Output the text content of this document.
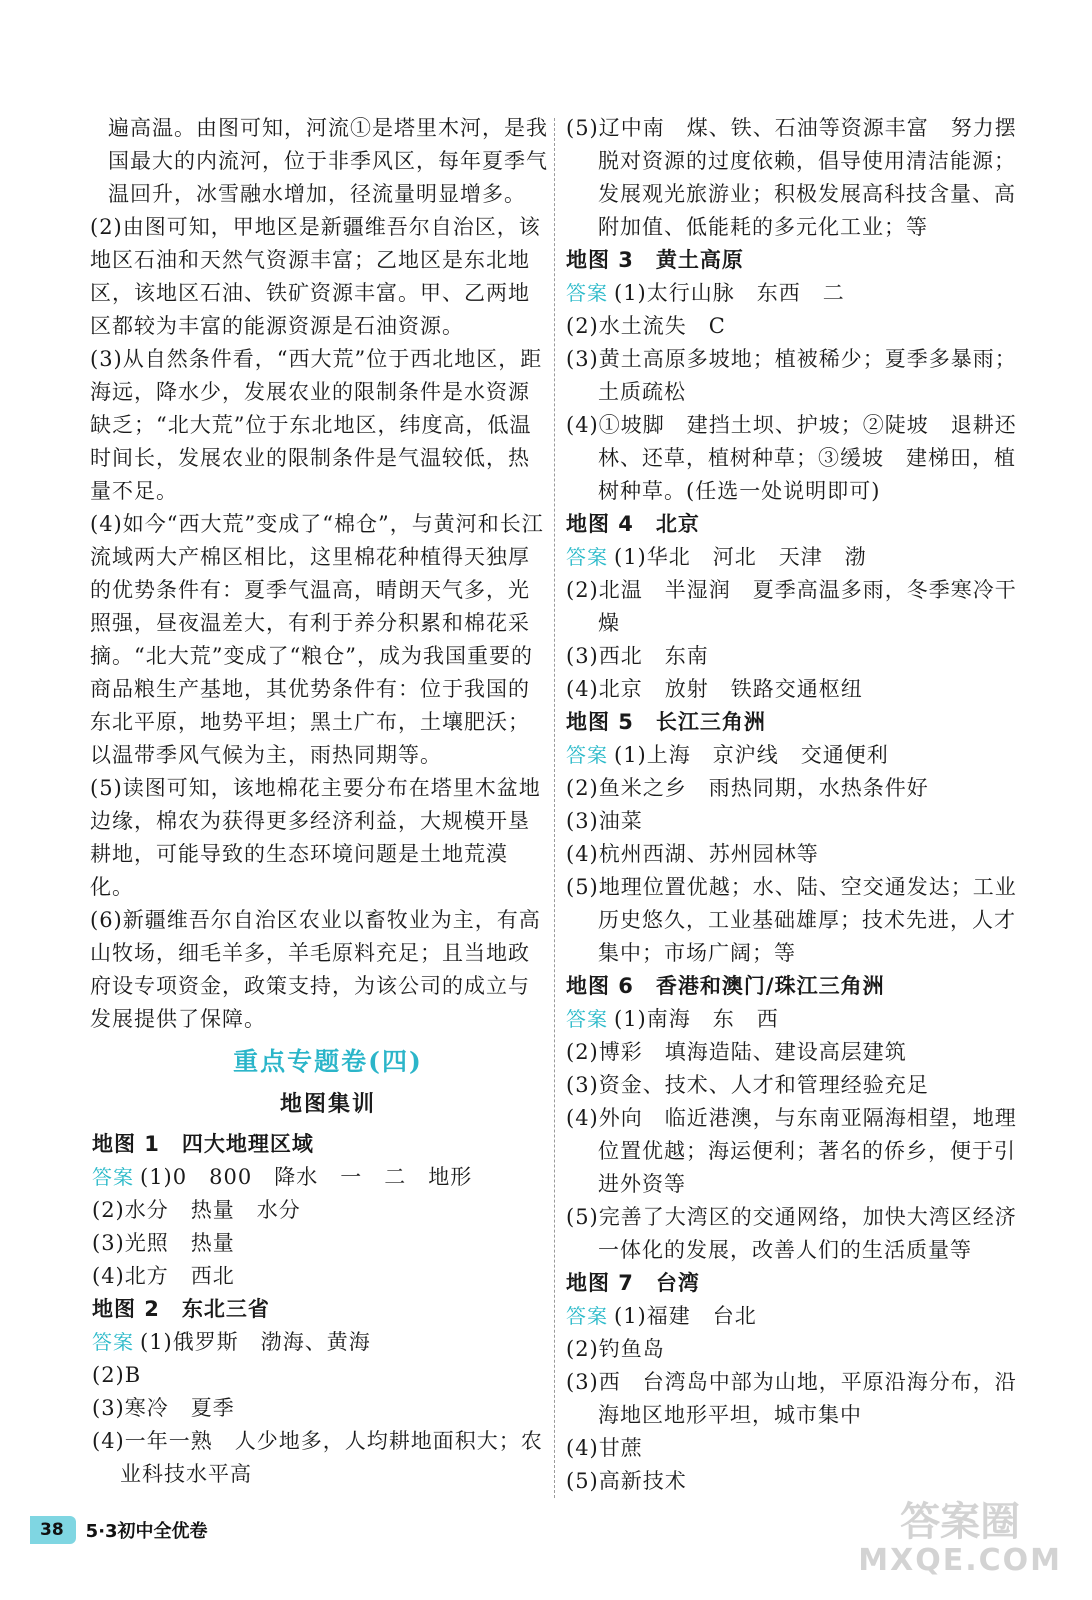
遍高温。由图可知，河流①是塔里木河，是我国最大的内流河，位于非季风区，每年夏季气温回升，冰雪融水增加，径流量明显增多。

(2)由图可知，甲地区是新疆维吾尔自治区，该地区石油和天然气资源丰富；乙地区是东北地区，该地区石油、铁矿资源丰富。甲、乙两地区都较为丰富的能源资源是石油资源。

(3)从自然条件看，“西大荒”位于西北地区，距海远，降水少，发展农业的限制条件是水资源缺乏；“北大荒”位于东北地区，纬度高，低温时间长，发展农业的限制条件是气温较低，热量不足。

(4)如今“西大荒”变成了“棉仓”，与黄河和长江流域两大产棉区相比，这里棉花种植得天独厚的优势条件有：夏季气温高，晴朗天气多，光照强，昼夜温差大，有利于养分积累和棉花采摘。“北大荒”变成了“粮仓”，成为我国重要的商品粮生产基地，其优势条件有：位于我国的东北平原，地势平坦；黑土广布，土壤肥沃；以温带季风气候为主，雨热同期等。

(5)读图可知，该地棉花主要分布在塔里木盆地边缘，棉农为获得更多经济利益，大规模开垦耕地，可能导致的生态环境问题是土地荒漠化。

(6)新疆维吾尔自治区农业以畜牧业为主，有高山牧场，细毛羊多，羊毛原料充足；且当地政府设专项资金，政策支持，为该公司的成立与发展提供了保障。

重点专题卷(四)
地图集训

地图 1　四大地理区域

答案 (1)0　800　降水　一　二　地形

(2)水分　热量　水分

(3)光照　热量

(4)北方　西北

地图 2　东北三省

答案 (1)俄罗斯　渤海、黄海

(2)B

(3)寒冷　夏季

(4)一年一熟　人少地多，人均耕地面积大；农业科技水平高

(5)辽中南　煤、铁、石油等资源丰富　努力摆脱对资源的过度依赖，倡导使用清洁能源；发展观光旅游业；积极发展高科技含量、高附加值、低能耗的多元化工业；等

地图 3　黄土高原

答案 (1)太行山脉　东西　二

(2)水土流失　C

(3)黄土高原多坡地；植被稀少；夏季多暴雨；土质疏松

(4)①坡脚　建挡土坝、护坡；②陡坡　退耕还林、还草，植树种草；③缓坡　建梯田，植树种草。(任选一处说明即可)

地图 4　北京

答案 (1)华北　河北　天津　渤

(2)北温　半湿润　夏季高温多雨，冬季寒冷干燥

(3)西北　东南

(4)北京　放射　铁路交通枢纽

地图 5　长江三角洲

答案 (1)上海　京沪线　交通便利

(2)鱼米之乡　雨热同期，水热条件好

(3)油菜

(4)杭州西湖、苏州园林等

(5)地理位置优越；水、陆、空交通发达；工业历史悠久，工业基础雄厚；技术先进，人才集中；市场广阔；等

地图 6　香港和澳门/珠江三角洲

答案 (1)南海　东　西

(2)博彩　填海造陆、建设高层建筑

(3)资金、技术、人才和管理经验充足

(4)外向　临近港澳，与东南亚隔海相望，地理位置优越；海运便利；著名的侨乡，便于引进外资等

(5)完善了大湾区的交通网络，加快大湾区经济一体化的发展，改善人们的生活质量等

地图 7　台湾

答案 (1)福建　台北

(2)钓鱼岛

(3)西　台湾岛中部为山地，平原沿海分布，沿海地区地形平坦，城市集中

(4)甘蔗

(5)高新技术

38	5·3初中全优卷	答案圈
MXQE.COM
